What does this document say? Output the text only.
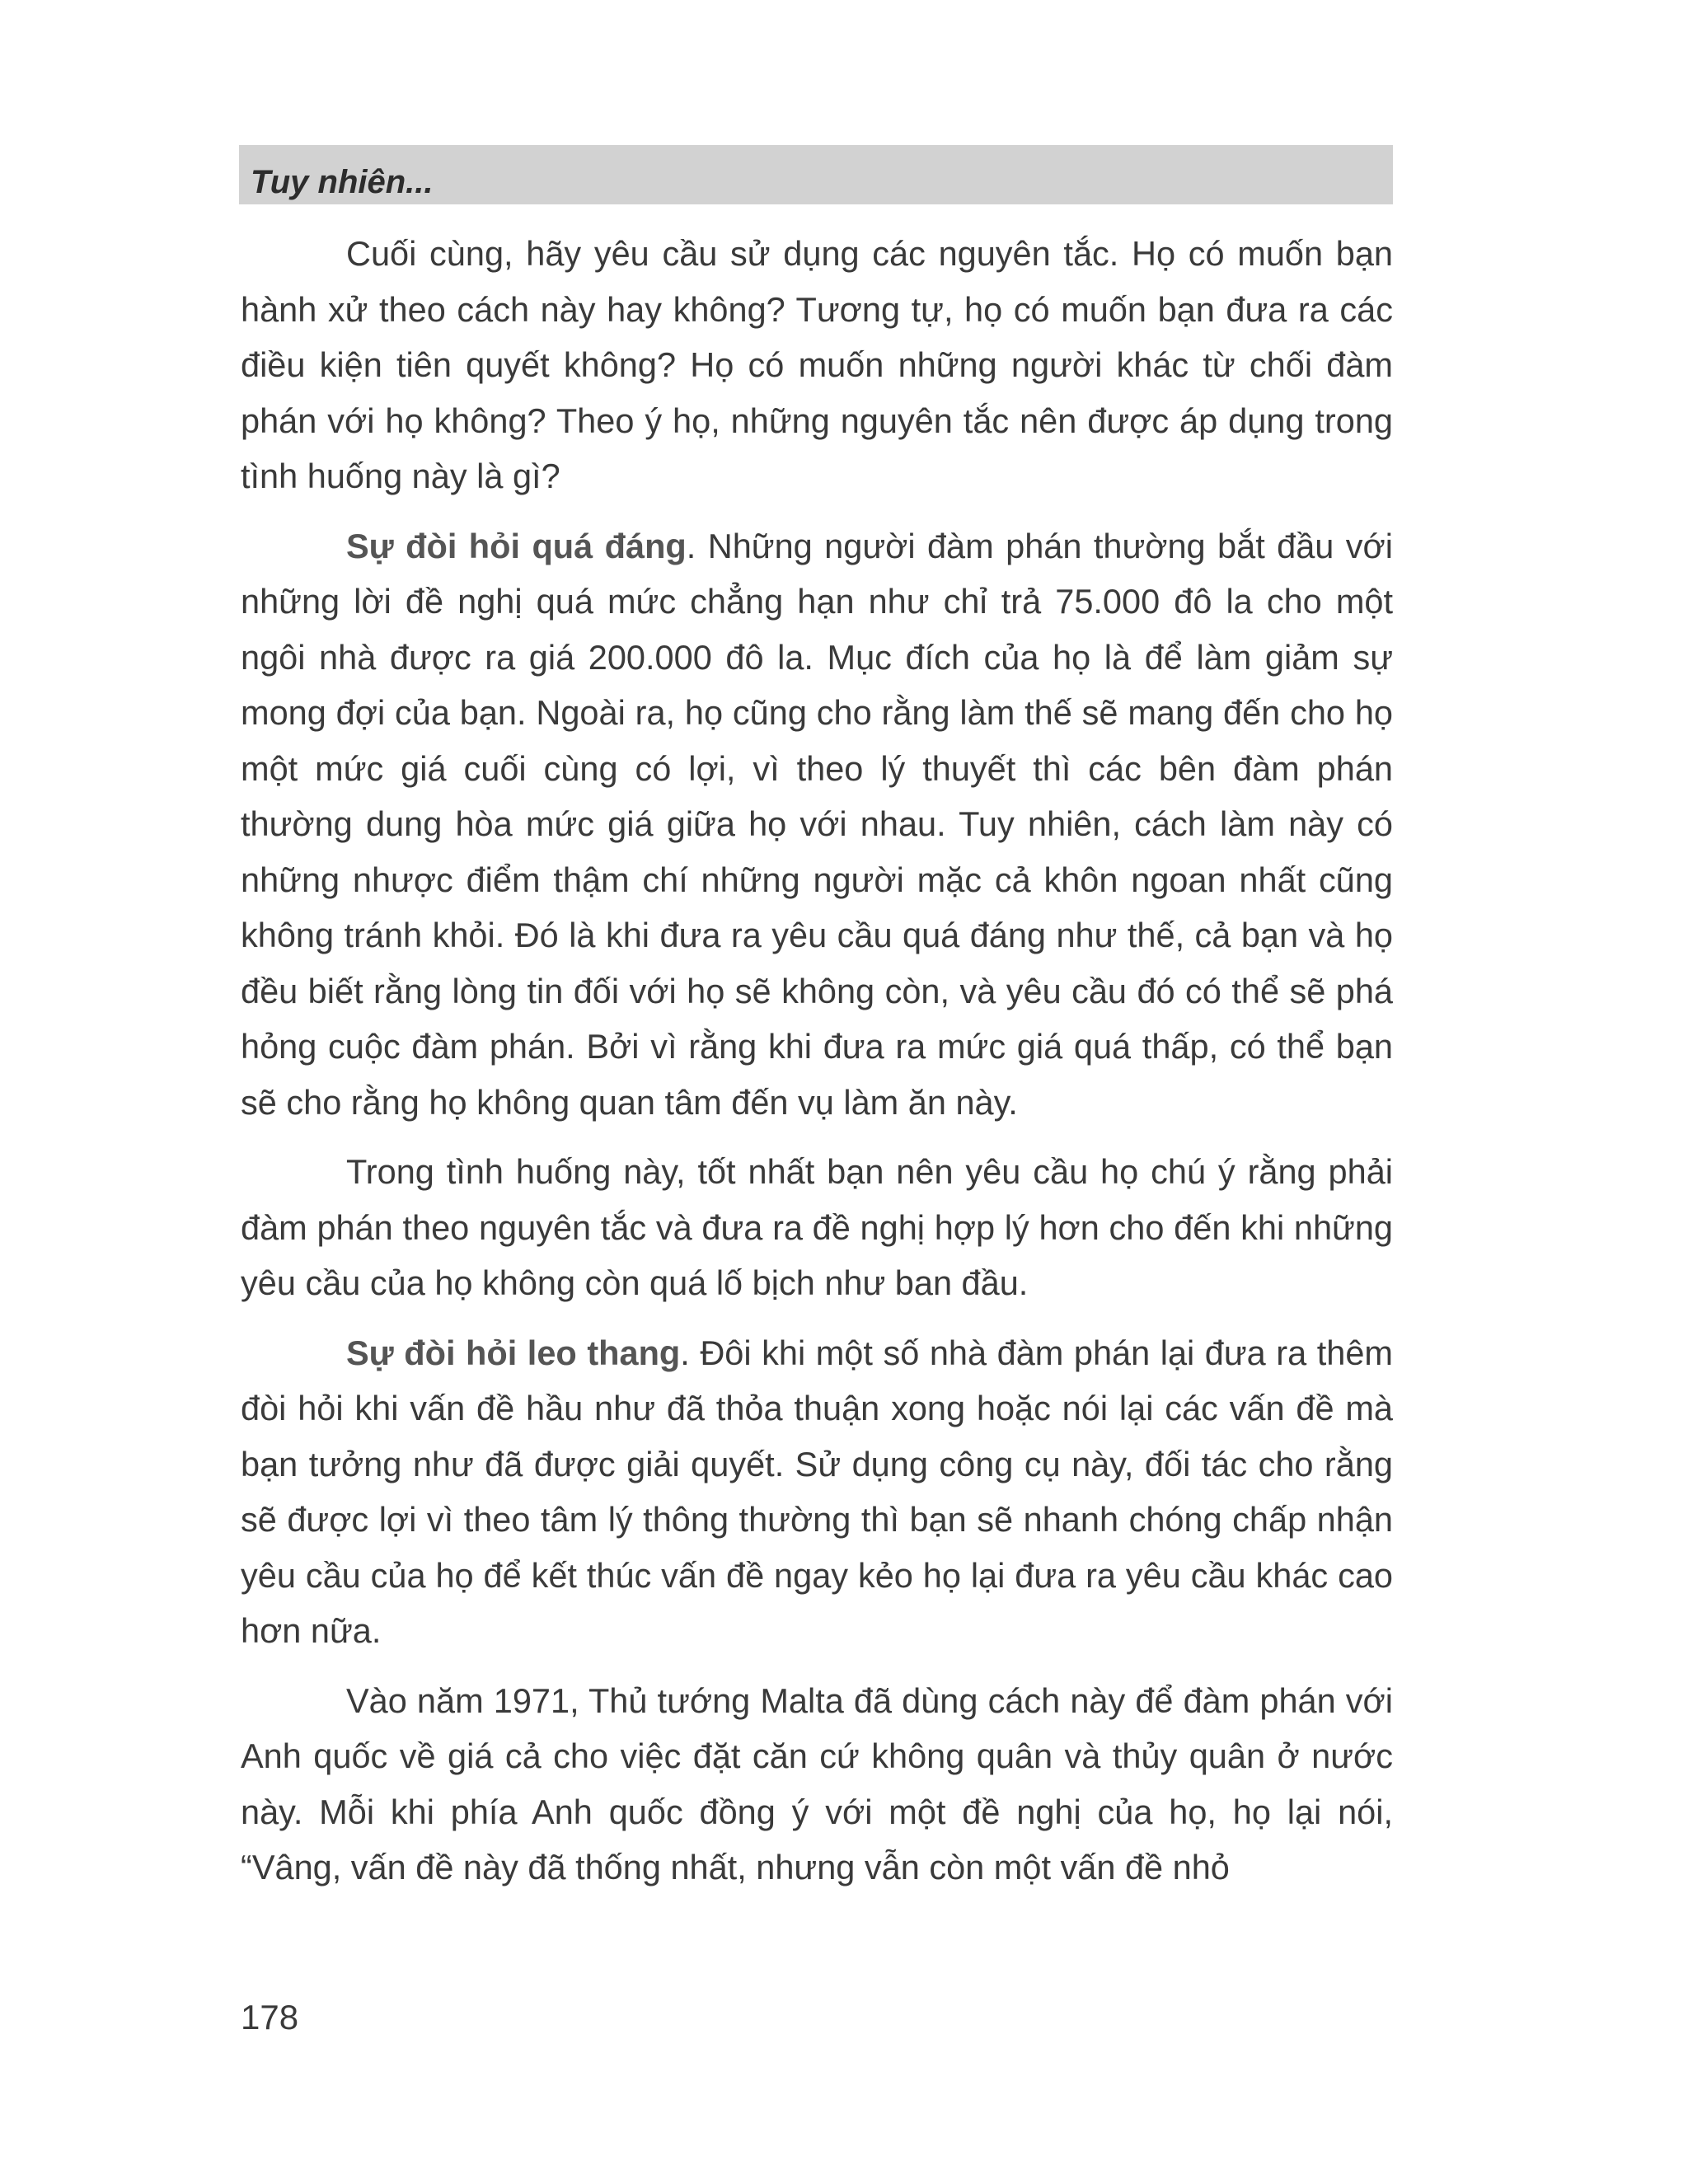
Tuy nhiên...

Cuối cùng, hãy yêu cầu sử dụng các nguyên tắc. Họ có muốn bạn hành xử theo cách này hay không? Tương tự, họ có muốn bạn đưa ra các điều kiện tiên quyết không? Họ có muốn những người khác từ chối đàm phán với họ không? Theo ý họ, những nguyên tắc nên được áp dụng trong tình huống này là gì?

Sự đòi hỏi quá đáng. Những người đàm phán thường bắt đầu với những lời đề nghị quá mức chẳng hạn như chỉ trả 75.000 đô la cho một ngôi nhà được ra giá 200.000 đô la. Mục đích của họ là để làm giảm sự mong đợi của bạn. Ngoài ra, họ cũng cho rằng làm thế sẽ mang đến cho họ một mức giá cuối cùng có lợi, vì theo lý thuyết thì các bên đàm phán thường dung hòa mức giá giữa họ với nhau. Tuy nhiên, cách làm này có những nhược điểm thậm chí những người mặc cả khôn ngoan nhất cũng không tránh khỏi. Đó là khi đưa ra yêu cầu quá đáng như thế, cả bạn và họ đều biết rằng lòng tin đối với họ sẽ không còn, và yêu cầu đó có thể sẽ phá hỏng cuộc đàm phán. Bởi vì rằng khi đưa ra mức giá quá thấp, có thể bạn sẽ cho rằng họ không quan tâm đến vụ làm ăn này.

Trong tình huống này, tốt nhất bạn nên yêu cầu họ chú ý rằng phải đàm phán theo nguyên tắc và đưa ra đề nghị hợp lý hơn cho đến khi những yêu cầu của họ không còn quá lố bịch như ban đầu.

Sự đòi hỏi leo thang. Đôi khi một số nhà đàm phán lại đưa ra thêm đòi hỏi khi vấn đề hầu như đã thỏa thuận xong hoặc nói lại các vấn đề mà bạn tưởng như đã được giải quyết. Sử dụng công cụ này, đối tác cho rằng sẽ được lợi vì theo tâm lý thông thường thì bạn sẽ nhanh chóng chấp nhận yêu cầu của họ để kết thúc vấn đề ngay kẻo họ lại đưa ra yêu cầu khác cao hơn nữa.

Vào năm 1971, Thủ tướng Malta đã dùng cách này để đàm phán với Anh quốc về giá cả cho việc đặt căn cứ không quân và thủy quân ở nước này. Mỗi khi phía Anh quốc đồng ý với một đề nghị của họ, họ lại nói, “Vâng, vấn đề này đã thống nhất, nhưng vẫn còn một vấn đề nhỏ

178
